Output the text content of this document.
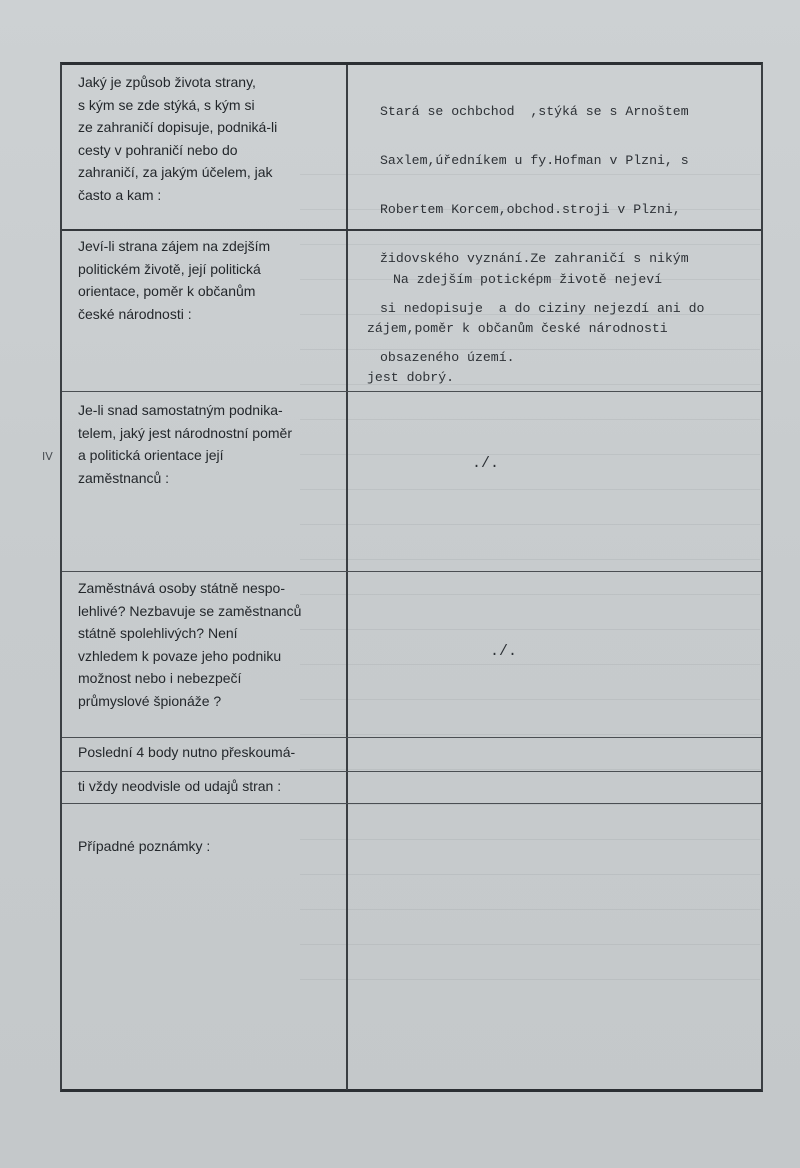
IV
Jaký je způsob života strany,
s kým se zde stýká, s kým si
ze zahraničí dopisuje, podniká-li
cesty v pohraničí nebo do
zahraničí, za jakým účelem, jak
často a kam :

Stará se ochbchod  ,stýká se s Arnoštem

Saxlem,úředníkem u fy.Hofman v Plzni, s

Robertem Korcem,obchod.stroji v Plzni,

židovského vyznání.Ze zahraničí s nikým

si nedopisuje  a do ciziny nejezdí ani do

obsazeného území.

Jeví-li strana zájem na zdejším
politickém životě, její politická
orientace, poměr k občanům
české národnosti :

Na zdejším poticképm životě nejeví

zájem,poměr k občanům české národnosti

jest dobrý.

Je-li snad samostatným podnika-
telem, jaký jest národnostní poměr
a politická orientace její
zaměstnanců :
./.
Zaměstnává osoby státně nespo-
lehlivé? Nezbavuje se zaměstnanců
státně spolehlivých? Není
vzhledem k povaze jeho podniku
možnost nebo i nebezpečí
průmyslové špionáže ?
./.
Poslední 4 body nutno přeskoumá-
ti vždy neodvisle od udajů stran :
Případné poznámky :
